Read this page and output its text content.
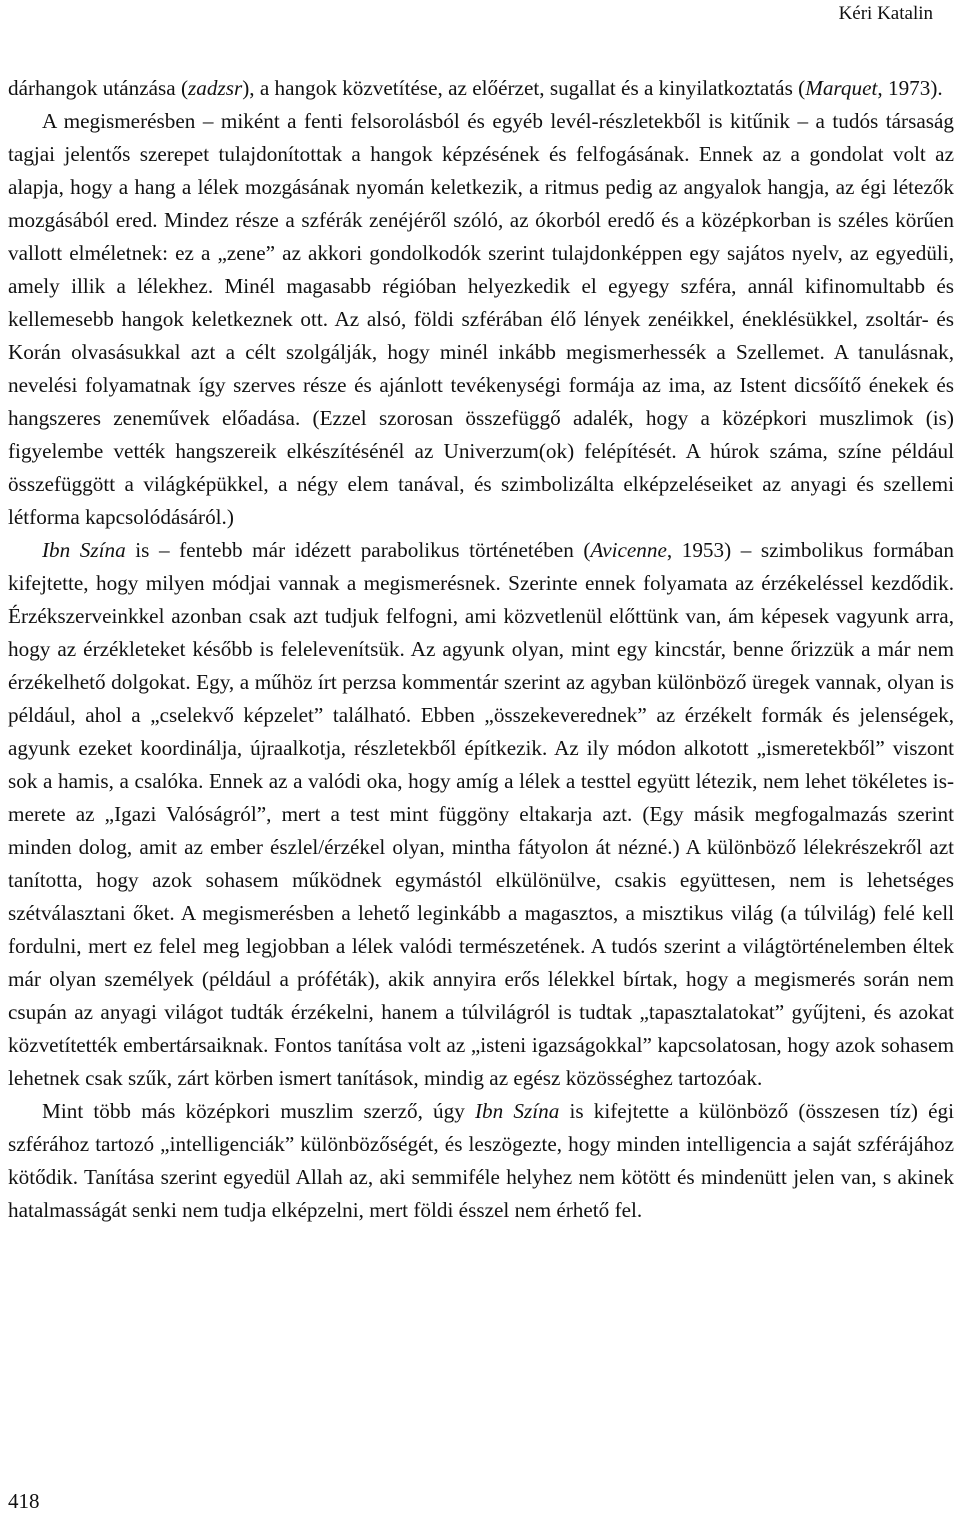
Kéri Katalin

dárhangok utánzása (zadzsr), a hangok közvetítése, az előérzet, sugallat és a kinyilatkoztatás (Marquet, 1973).

A megismerésben – miként a fenti felsorolásból és egyéb levél-részletekből is kitűnik – a tudós társaság tagjai jelentős szerepet tulajdonítottak a hangok képzésének és felfogásának. Ennek az a gondolat volt az alapja, hogy a hang a lélek mozgásának nyomán keletkezik, a ritmus pedig az angyalok hangja, az égi létezők mozgásából ered. Mindez része a szférák zenéjéről szóló, az ókorból eredő és a középkorban is széles körűen vallott elméletnek: ez a „zene” az akkori gondolkodók szerint tulajdonképpen egy sajátos nyelv, az egyedüli, amely illik a lélekhez. Minél magasabb régióban helyezkedik el egyegy szféra, annál kifinomultabb és kellemesebb hangok keletkeznek ott. Az alsó, földi szférában élő lények zenéikkel, éneklésükkel, zsoltár- és Korán olvasásukkal azt a célt szolgálják, hogy minél inkább megismerhessék a Szellemet. A tanulásnak, nevelési folyamatnak így szerves része és ajánlott tevékenységi formája az ima, az Istent dicsőítő énekek és hangszeres zeneművek előadása. (Ezzel szorosan összefüggő adalék, hogy a középkori muszlimok (is) figyelembe vették hangszereik elkészítésénél az Univerzum(ok) felépítését. A húrok száma, színe például összefüggött a világképükkel, a négy elem tanával, és szimbolizálta elképzeléseiket az anyagi és szellemi létforma kapcsolódásáról.)

Ibn Szína is – fentebb már idézett parabolikus történetében (Avicenne, 1953) – szimbolikus formában kifejtette, hogy milyen módjai vannak a megismerésnek. Szerinte ennek folyamata az érzékeléssel kezdődik. Érzékszerveinkkel azonban csak azt tudjuk felfogni, ami közvetlenül előttünk van, ám képesek vagyunk arra, hogy az érzékleteket később is felelevenítsük. Az agyunk olyan, mint egy kincstár, benne őrizzük a már nem érzékelhető dolgokat. Egy, a műhöz írt perzsa kommentár szerint az agyban különböző üregek vannak, olyan is például, ahol a „cselekvő képzelet” található. Ebben „összekeverednek” az érzékelt formák és jelenségek, agyunk ezeket koordinálja, újraalkotja, részletekből építkezik. Az ily módon alkotott „ismeretekből” viszont sok a hamis, a csalóka. Ennek az a valódi oka, hogy amíg a lélek a testtel együtt létezik, nem lehet tökéletes ismerete az „Igazi Valóságról”, mert a test mint függöny eltakarja azt. (Egy másik megfogalmazás szerint minden dolog, amit az ember észlel/érzékel olyan, mintha fátyolon át nézné.) A különböző lélekrészekről azt tanította, hogy azok sohasem működnek egymástól elkülönülve, csakis együttesen, nem is lehetséges szétválasztani őket. A megismerésben a lehető leginkább a magasztos, a misztikus világ (a túlvilág) felé kell fordulni, mert ez felel meg legjobban a lélek valódi természetének. A tudós szerint a világtörténelemben éltek már olyan személyek (például a próféták), akik annyira erős lélekkel bírtak, hogy a megismerés során nem csupán az anyagi világot tudták érzékelni, hanem a túlvilágról is tudtak „tapasztalatokat” gyűjteni, és azokat közvetítették embertársaiknak. Fontos tanítása volt az „isteni igazságokkal” kapcsolatosan, hogy azok sohasem lehetnek csak szűk, zárt körben ismert tanítások, mindig az egész közösséghez tartozóak.

Mint több más középkori muszlim szerző, úgy Ibn Szína is kifejtette a különböző (összesen tíz) égi szférához tartozó „intelligenciák” különbözőségét, és leszögezte, hogy minden intelligencia a saját szférájához kötődik. Tanítása szerint egyedül Allah az, aki semmiféle helyhez nem kötött és mindenütt jelen van, s akinek hatalmasságát senki nem tudja elképzelni, mert földi ésszel nem érhető fel.

418
